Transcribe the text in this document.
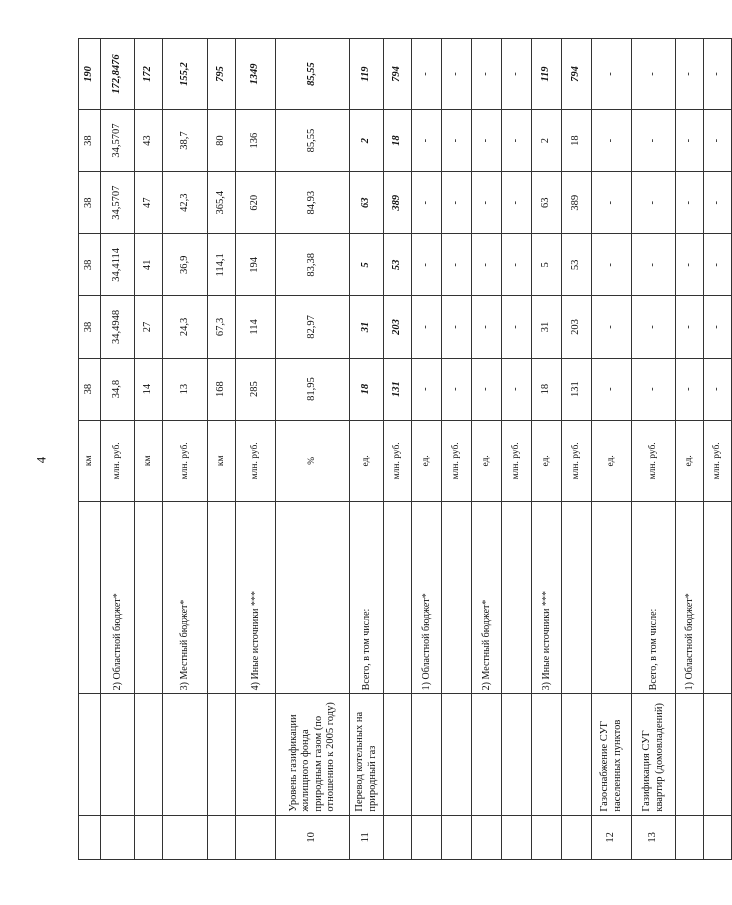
4
				км	38	38	38	38	38	190
		2) Областной бюджет*	млн. руб.	34,8	34,4948	34,4114	34,5707	34,5707	172,8476
			км	14	27	41	47	43	172
		3) Местный бюджет*	млн. руб.	13	24,3	36,9	42,3	38,7	155,2
			км	168	67,3	114,1	365,4	80	795
		4) Иные источники ***	млн. руб.	285	114	194	620	136	1349
10	Уровень газификации жилищного фонда природным газом (по отношению к 2005 году)		%	81,95	82,97	83,38	84,93	85,55	85,55
11	Перевод котельных на природный газ	Всего, в том числе:	ед.	18	31	5	63	2	119
			млн. руб.	131	203	53	389	18	794
		1) Областной бюджет*	ед.	-	-	-	-	-	-
			млн. руб.	-	-	-	-	-	-
		2) Местный бюджет*	ед.	-	-	-	-	-	-
			млн. руб.	-	-	-	-	-	-
		3) Иные источники ***	ед.	18	31	5	63	2	119
			млн. руб.	131	203	53	389	18	794
12	Газоснабжение СУГ населенных пунктов		ед.	-	-	-	-	-	-
13	Газификация СУГ квартир (домовладений)	Всего, в том числе:	млн. руб.	-	-	-	-	-	-
		1) Областной бюджет*	ед.	-	-	-	-	-	-
			млн. руб.	-	-	-	-	-	-
